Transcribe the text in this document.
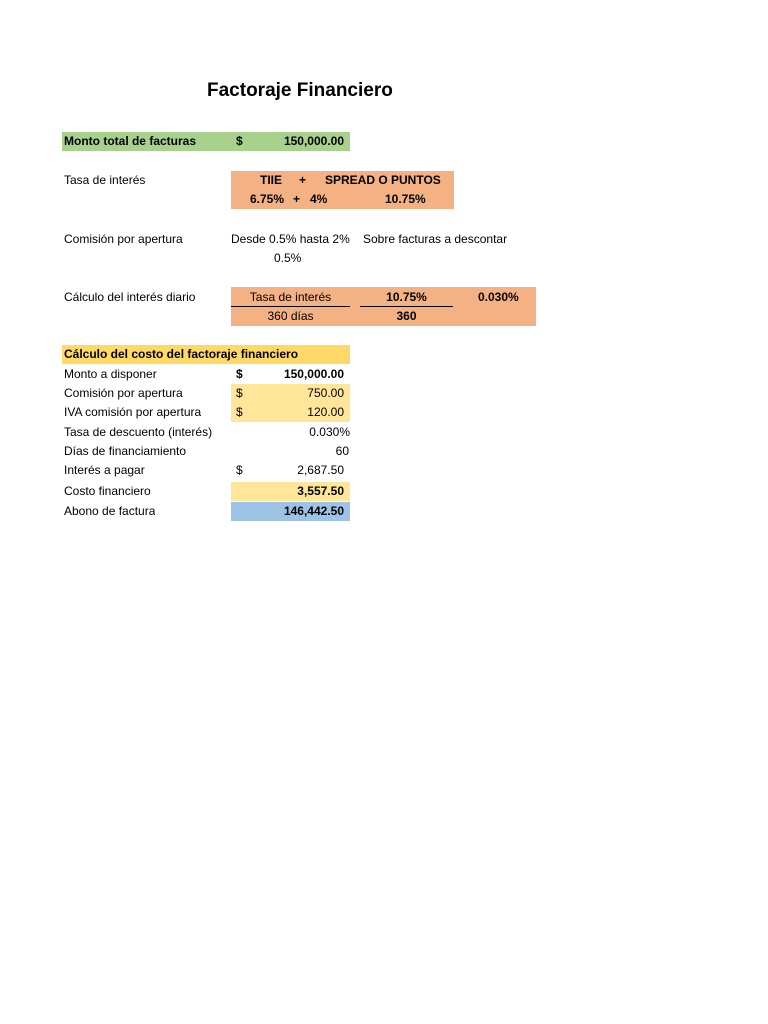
Factoraje Financiero
Monto total de facturas	$	150,000.00
Tasa de interés	TIIE + SPREAD O PUNTOS
6.75% + 4%	10.75%
Comisión por apertura	Desde 0.5% hasta 2% Sobre facturas a descontar
0.5%
Cálculo del interés diario	Tasa de interés	10.75%	0.030%
360 días	360
Cálculo del costo del factoraje financiero
Monto a disponer	$	150,000.00
Comisión por apertura	$	750.00
IVA comisión por apertura	$	120.00
Tasa de descuento (interés)	0.030%
Días de financiamiento	60
Interés a pagar	$	2,687.50
Costo financiero	3,557.50
Abono de factura	146,442.50
